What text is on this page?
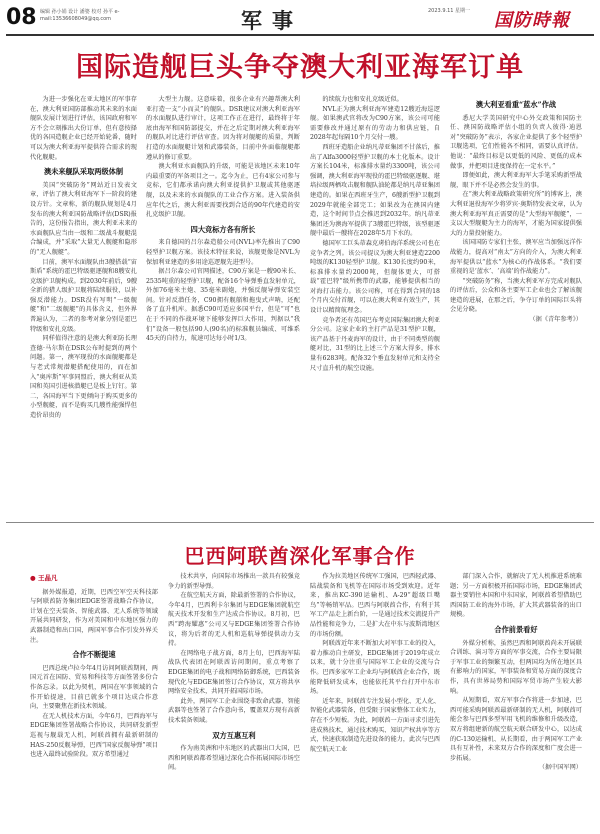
08 编辑 孙小娟 设计 潘婆 校对 孙平 e-mail:13536608049@qq.com	军事	2023.9.11 星期一	国防時報
国际造舰巨头争夺澳大利亚海军订单

为进一步强化在亚太地区的军事存在，澳大利亚国防部推动其未来的水面舰队发展计划进行评估，该国政府和军方不会立刻推出大份订单，但有意按择优的各国造舰企业已经开始轮番，随时可以为澳大利亚海军提供符合需求的现代化舰艇。

澳未来舰队采取两级体制

美国“突破防务”网站近日发表文章，评估了澳大利亚海军下一阶段的建设方针。文章称，新的舰队规划是4月发布的澳大利亚国防战略评估(DSR)报告的，这份报告指出，澳大利亚未来的水面舰队应当由一级和二级战斗舰艇混合编成，并“采取”大量无人舰艇和隐形的“无人舰艇”。

目前，澳军水面舰队由3艘搭载“宙斯盾”系统的霍巴特级驱逐舰和8艘安扎克级护卫舰构成。到2030年前后，9艘全新的猎人级护卫舰将陆续服役，以补强反潜能力。DSR没有写明“一级舰艇”和“二级舰艇”的具体含义，但外界普遍认为，二者的参考对象分别是霍巴特级和安扎克级。

同样值得注意的是澳大利亚防长理查德·马尔斯在DSR公布时提到的两个问题。第一，澳军现役的水面舰艇都是与老式常规潜艇搭配使用的，而在加入“奥库斯”军事同盟后，澳大利亚从美国和英国引进核潜艇已是板上钉钉。第二，各国海军当下更倾向于购买更多的小型舰艇，而不是购买几艘性能强悍但造价昂贵的

大型主力舰。这意味着，很多企业有兴趣帮澳大利亚打造一支“小而灵”的舰队。DSR建议对澳大利亚海军的水面舰队进行审计，这项工作正在进行，最终将于年底由海军和国防部提交，并在之后定期对澳大利亚海军的舰队对比进行评估审查。因为将对舰艇的质量，判断打造的水面舰艇计划和武器装备，目前中外面临舰艇都遵从的修订重要。

澳大利亚水面舰队的升级，可能是该地区未来10年内最重要的军备项目之一。迄今为止，已有4家公司参与竞标，它们都承诺向澳大利亚提供护卫舰或其他驱逐舰，以及未来的水面舰队的工业合作方案。进入装备供应年代之后，澳大利亚需要找到合适的90年代建造的安扎克级护卫舰。

四大竞标方各有所长

来自德国的吕尔森造船公司(NVL)率先推出了C90轻型护卫舰方案。该技术特征来说，该舰更像是NVL为保加利亚建造的多用途巡逻舰先进型号。

据吕尔森公司官网描述，C90方案是一艘90米长、2535吨重的轻型护卫舰，配备16个导弹垂直发射单元，外加76毫米主炮、35毫米副炮，并强反舰导弹安装空间。针对反潜任务，C90拥有舰艏和拖曳式声呐，还配备了直升机库。据悉C90可适应多国平台，但是“可”也在于不同的作战环境下能够发挥巨大作用，判据以“我们”设备一般包括90人(90名)的标准舰员编成、可维系45天的自持力，航速可达每小时1/3。

的续航力也和安扎克级近似。

NVL正为澳大利亚海军建造12艘近海巡逻舰。如果澳武官将改为C90方案，该公司可能需要修改并通过原有的劳动力和供应链，自2028年起每隔10个月交付一艘。

西班牙造船企业纳凡蒂亚集团不甘落后，推出了Alfa3000轻型护卫舰的本土化版本。设计方案长104米，标准排水量约3300吨，该公司强调，澳大利亚海军现役的霍巴特级驱逐舰、堪培拉级两栖攻击舰和舰队油轮都是纳凡蒂亚集团建造的。如果在西班牙生产，6艘新型护卫舰到2029年就能全部完工；如果改为在澳国内建造，这个时间节点会推迟到2032年。纳凡蒂亚集团还为澳海军提供了3艘霍巴特级，该型驱逐舰中最后一艘将在2028年5月下水的。

德国军工巨头蒂森克虏伯海洋系统公司也在竞争者之列。该公司提议为澳大利亚建造2200吨级的K130轻型护卫舰。K130长度约90米，标准排水量约2000吨，但舰体更大，可搭载“霍巴特”级所携带的武器，能够提供相当的对海打击能力。该公司称，可在得到合同的18个月内交付首舰，可以在澳大利亚有效生产，其设计以精简航理念。

竞争者还有英国巴布考克国际集团澳大利亚分公司。这家企业的主打产品是31型护卫舰，该产品基于丹麦海军的设计，由于不同类型的舰艇对比，31型的比上述三个方案大得多，排水量有6283吨。配备32个垂直发射单元和支持全尺寸直升机的航空设施。

澳大利亚看重“蓝水”作战

悉尼大学美国研究中心外交政策和国防主任、澳国防战略评估小组的负责人彼得·迪恩对“突破防务”表示，各家企业提供了多个轻型护卫舰选项，它们性能各不相同，需要认真评估。他说：“最终目标是以更低的风险、更低的成本做事，并把项目进度保持在一定水平。”

即便如此，澳大利亚海军大手笔采购新型战舰，眼下并不是必然会发生的事。

在“澳大利亚战略政策研究所”的博客上，澳大利亚退役海军少将罗宾·奥斯特发表文章，认为澳大利亚海军真正需要的是“大型海军舰艇”，一支以大型舰艇为主力的海军，才能为国家提供强大的力量投射能力。

该国国防专家们主张，澳军应当加强远洋作战能力，提高对“南太”方向的介入，为澳大利亚海军提供以“蓝水”为核心的作战体系。“我们要重视的是‘蓝水’、‘高端’的作战能力”。

“突破防务”称，当澳大利亚军方完成对舰队的评估后，公众和各主要军工企业也会了解该舰建造的进展，在那之后，争夺订单的国际巨头将会见分晓。

（据《青年参考》）

巴西阿联酋深化军事合作

● 王晶凡

据外媒报道，近期，巴西空军空天科技部与阿联酋防务集团EDGE签署战略合作协议，计划在空天装备、智能武器、无人系统等领域开展共同研发，作为对美国和中东地区强力的武器制造和出口国，两国军事合作引发外界关注。

合作不断提速

巴西总统卢拉今年4月访问阿联酋期间，两国元首在国防、贸易和科技等方面签署多份合作备忘录。以此为契机，两国在军事领域的合作开始提速，目前已就多个项目达成合作意向，主要聚焦在新技术领域。

在无人机技术方面，今年6月，巴西海军与EDGE集团签署战略合作协议，共同研发新型巡视与舰载无人机，阿联酋拥有最新研制的HAS-250反舰导弹，巴西“国家反舰导弹”项目也进入最终试验阶段。双方希望通过

技术共享，向国际市场推出一款具有较强竞争力的新型导弹。

在航空航天方面，除最新签署的合作协议，今年4月，巴西利卡尔集团与EDGE集团就航空航天技术开发和生产达成合作协议。8月初，巴西“跨海耀惠”公司又与EDGE集团签署合作协议，将为后者的无人机和巡航导弹提供动力支持。

在网络电子战方面，8月上旬，巴西海军陆战队代表团在阿联酋访问期间，重点考察了EDGE集团的电子战和网络防御系统，巴西装备现代化与EDGE集团签订合作协议，双方将共享网络安全技术，共同开拓国际市场。

此外，两国军工企业围绕非致命武器、智能武器等也签署了合作意向书，覆盖双方现有高新技术装备领域。

双方互惠互利

作为南美洲和中东地区的武器出口大国，巴西和阿联酋都希望通过深化合作拓展国际市场空间。

作为拉美地区传统军工强国，巴西轻武器、陆战装备和飞机等在国际市场受到欢迎。近年来，推出KC-390运输机、A-29“超级巨嘴鸟”等畅销军品。巴西与阿联酋合作，有利于其军工产品走上新台阶，一是通过技术交流提升产品性能和竞争力，二是扩大在中东与波斯湾地区的市场份额。

阿联酋近年来不断加大对军事工业的投入，着力推动自主研发，EDGE集团于2019年成立以来，就十分注重与国际军工企业的交流与合作。巴西多家军工企业均与阿联酋企业合作，既能降低研发成本，也能依托其平台打开中东市场。

近年来，阿联酋专注发展小型化、无人化、智能化武器装备，但受限于国家整体工业实力，存在不少短板。为此，阿联酋一方面寻求引进先进成熟技术，通过技术购买、知识产权共享等方式，快速获取制造先进设备的能力，此次与巴西航空航天工业

部门深入合作，就解决了无人机推进系统难题；另一方面积极开拓国际市场，EDGE集团武器主要销往本国和中东国家，阿联酋希望借助巴西国防工业的海外市场，扩大其武器装备的出口规模。

合作前景看好

外媒分析称，虽然巴西和阿联酋尚未开展联合训练、演习等方面的军事交流，合作主要局限于军事工业的频繁互动，但两国均为所在地区具有影响力的国家，军事装备和贸易方面的深度合作，具有世界局势和国际军贸市场产生较大影响。

从短期看，双方军事合作将进一步加速，巴西可能采购阿联酋最新研制的无人机，阿联酋可能会参与巴西多型军用飞机的维修和升级改造，双方将组建新的航空航天联合研发中心，以达成的C-130运输机、从长期看，由于两国军工产业具有互补性，未来双方合作的深度和广度会进一步拓展。

（据中国军网）
